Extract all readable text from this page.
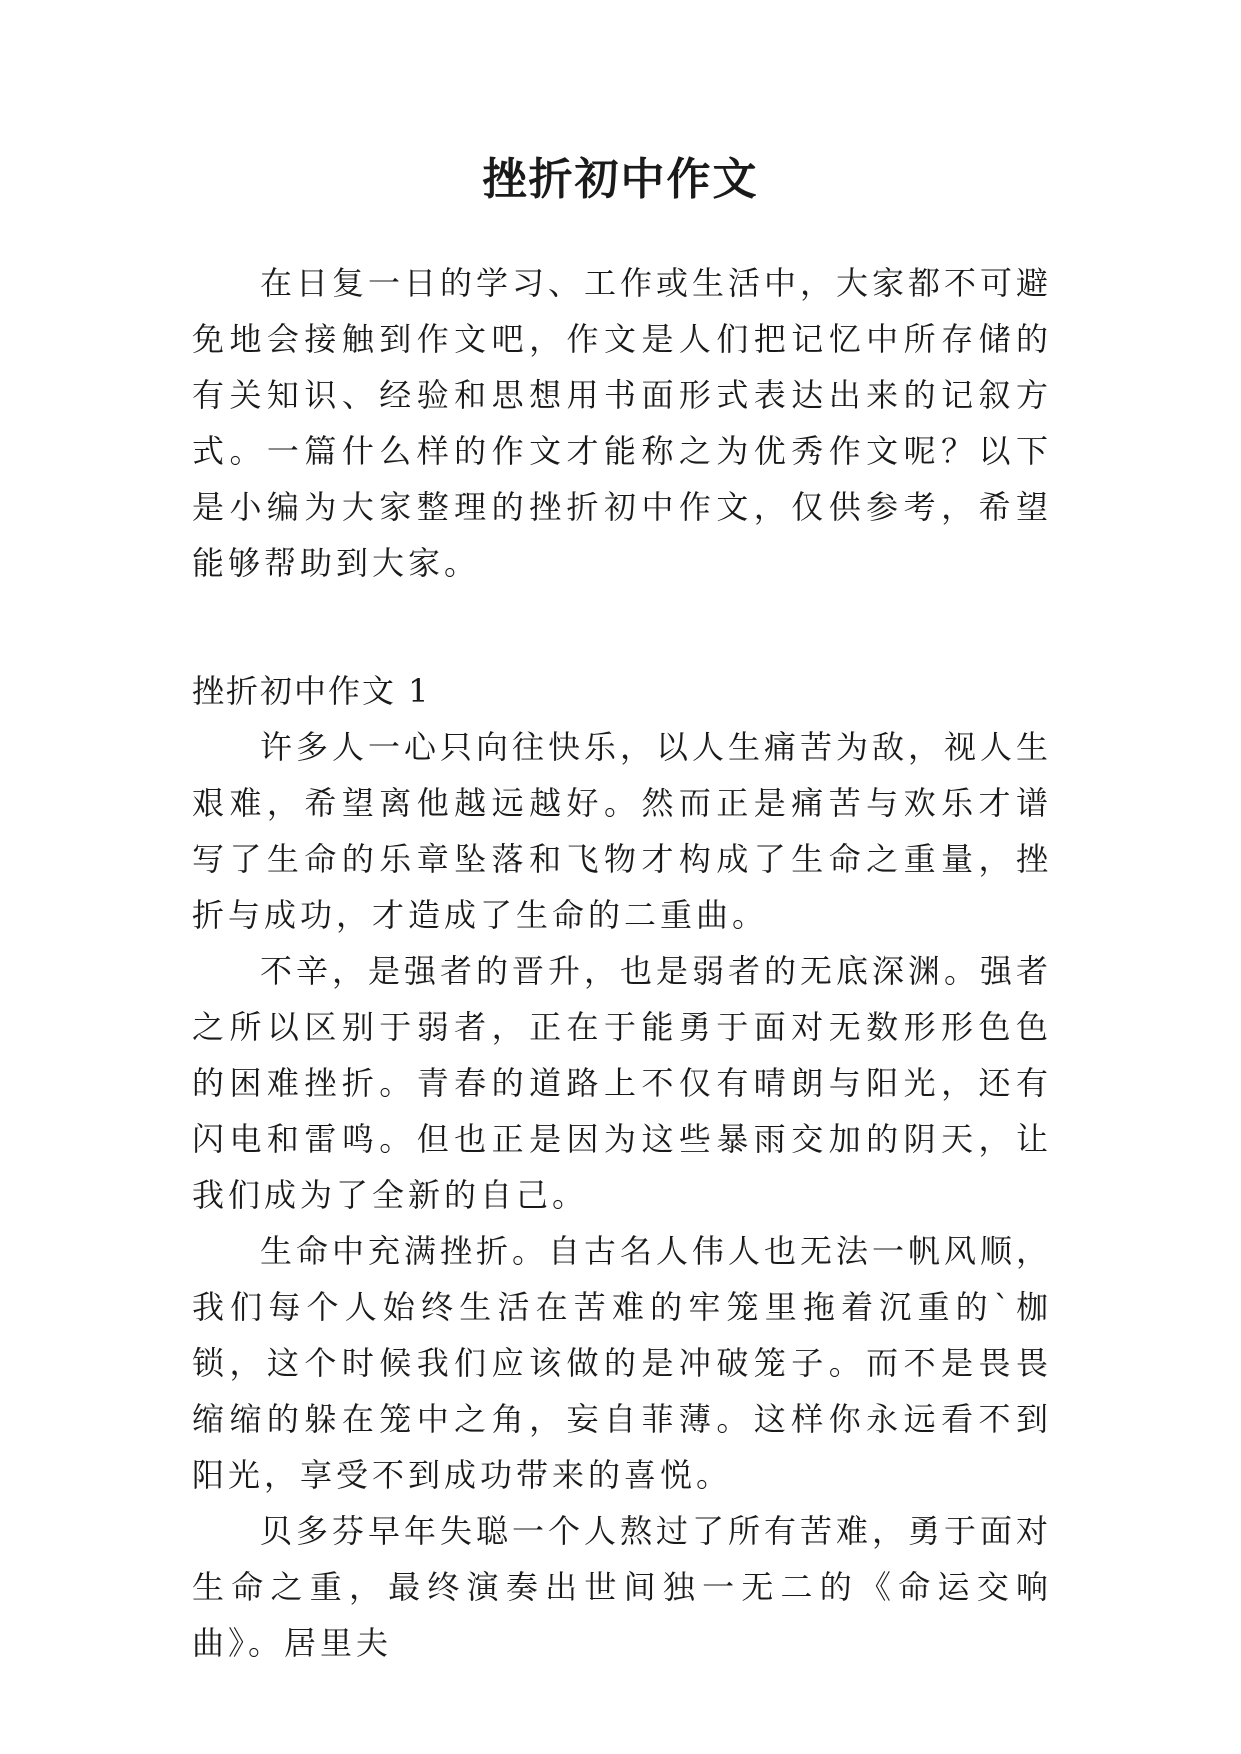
挫折初中作文

在日复一日的学习、工作或生活中，大家都不可避免地会接触到作文吧，作文是人们把记忆中所存储的有关知识、经验和思想用书面形式表达出来的记叙方式。一篇什么样的作文才能称之为优秀作文呢？以下是小编为大家整理的挫折初中作文，仅供参考，希望能够帮助到大家。

挫折初中作文 1

许多人一心只向往快乐，以人生痛苦为敌，视人生艰难，希望离他越远越好。然而正是痛苦与欢乐才谱写了生命的乐章坠落和飞物才构成了生命之重量，挫折与成功，才造成了生命的二重曲。

不辛，是强者的晋升，也是弱者的无底深渊。强者之所以区别于弱者，正在于能勇于面对无数形形色色的困难挫折。青春的道路上不仅有晴朗与阳光，还有闪电和雷鸣。但也正是因为这些暴雨交加的阴天，让我们成为了全新的自己。

生命中充满挫折。自古名人伟人也无法一帆风顺，我们每个人始终生活在苦难的牢笼里拖着沉重的`枷锁，这个时候我们应该做的是冲破笼子。而不是畏畏缩缩的躲在笼中之角，妄自菲薄。这样你永远看不到阳光，享受不到成功带来的喜悦。

贝多芬早年失聪一个人熬过了所有苦难，勇于面对生命之重，最终演奏出世间独一无二的《命运交响曲》。居里夫
